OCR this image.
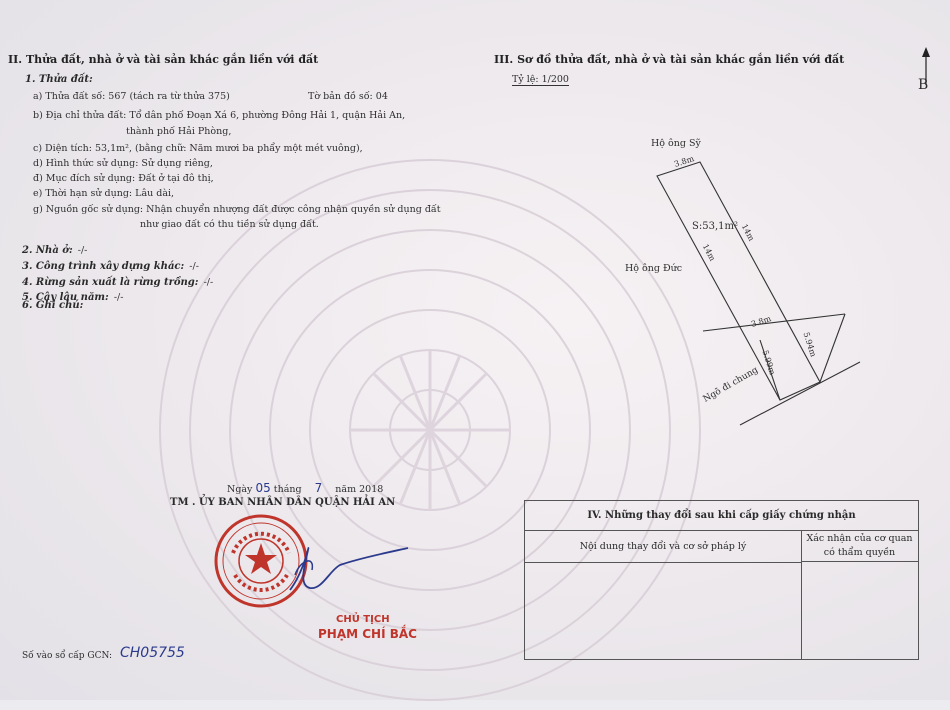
II. Thửa đất, nhà ở và tài sản khác gắn liền với đất
1. Thửa đất:
a) Thửa đất số: 567 (tách ra từ thửa 375)	Tờ bản đồ số: 04
b) Địa chỉ thửa đất: Tổ dân phố Đoạn Xá 6, phường Đông Hải 1, quận Hải An,
thành phố Hải Phòng,
c) Diện tích: 53,1m², (bằng chữ: Năm mươi ba phẩy một mét vuông),
d) Hình thức sử dụng: Sử dụng riêng,
đ) Mục đích sử dụng: Đất ở tại đô thị,
e) Thời hạn sử dụng: Lâu dài,
g) Nguồn gốc sử dụng: Nhận chuyển nhượng đất được công nhận quyền sử dụng đất
như giao đất có thu tiền sử dụng đất.
2. Nhà ở: -/-
3. Công trình xây dựng khác: -/-
4. Rừng sản xuất là rừng trồng: -/-
5. Cây lâu năm: -/-
6. Ghi chú:
III. Sơ đồ thửa đất, nhà ở và tài sản khác gắn liền với đất
Tỷ lệ: 1/200	B
Hộ ông Sỹ
Hộ ông Đức
S:53,1m²
3.8m
3.8m
14m
14m
5.94m
5.99m
Ngõ đi chung
Ngày 05 tháng 7 năm 2018
TM . ỦY BAN NHÂN DÂN QUẬN HẢI AN
CHỦ TỊCH
PHẠM CHÍ BẮC
Số vào sổ cấp GCN: CH05755
IV. Những thay đổi sau khi cấp giấy chứng nhận
Nội dung thay đổi và cơ sở pháp lý
Xác nhận của cơ quan
có thẩm quyền
